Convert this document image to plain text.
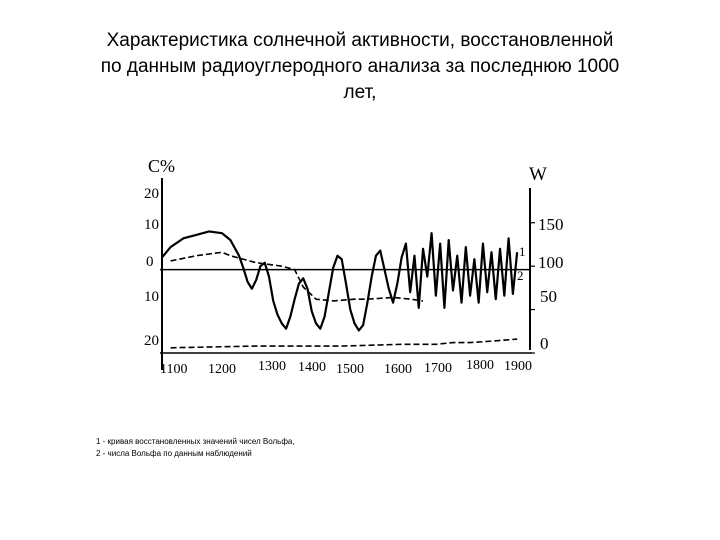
Характеристика солнечной активности, восстановленной
по данным радиоуглеродного анализа за последнюю 1000
лет,
C%	W
20
10
0
10
20
150
100
50
0
1100 1200 1300 1400 1500 1600 1700 1800 1900
1
2
1 - кривая восстановленных значений чисел Вольфа,
2 - числа Вольфа по данным наблюдений
